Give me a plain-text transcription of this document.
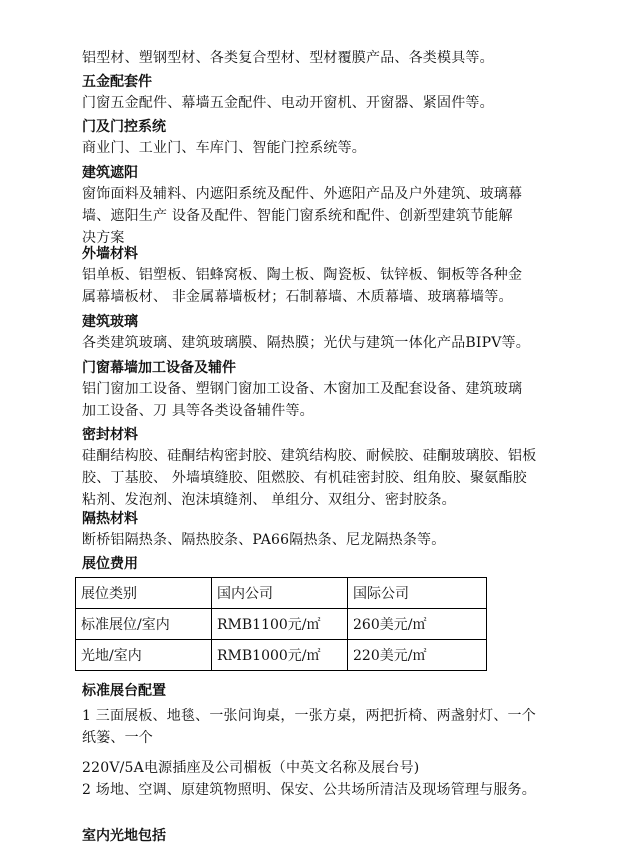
铝型材、塑钢型材、各类复合型材、型材覆膜产品、各类模具等。

五金配套件

门窗五金配件、幕墙五金配件、电动开窗机、开窗器、紧固件等。

门及门控系统

商业门、工业门、车库门、智能门控系统等。

建筑遮阳

窗饰面料及辅料、内遮阳系统及配件、外遮阳产品及户外建筑、玻璃幕

墙、遮阳生产 设备及配件、智能门窗系统和配件、创新型建筑节能解

决方案

外墙材料

铝单板、铝塑板、铝蜂窝板、陶土板、陶瓷板、钛锌板、铜板等各种金

属幕墙板材、 非金属幕墙板材；石制幕墙、木质幕墙、玻璃幕墙等。

建筑玻璃

各类建筑玻璃、建筑玻璃膜、隔热膜；光伏与建筑一体化产品BIPV等。

门窗幕墙加工设备及辅件

铝门窗加工设备、塑钢门窗加工设备、木窗加工及配套设备、建筑玻璃

加工设备、刀 具等各类设备辅件等。

密封材料

硅酮结构胶、硅酮结构密封胶、建筑结构胶、耐候胶、硅酮玻璃胶、铝板

胶、丁基胶、 外墙填缝胶、阻燃胶、有机硅密封胶、组角胶、聚氨酯胶

粘剂、发泡剂、泡沫填缝剂、 单组分、双组分、密封胶条。

隔热材料

断桥铝隔热条、隔热胶条、PA66隔热条、尼龙隔热条等。

展位费用

展位类别	国内公司	国际公司
标准展位/室内	RMB1100元/㎡	260美元/㎡
光地/室内	RMB1000元/㎡	220美元/㎡

标准展台配置

1 三面展板、地毯、一张问询桌，一张方桌，两把折椅、两盏射灯、一个

纸篓、一个

220V/5A电源插座及公司楣板（中英文名称及展台号)

2 场地、空调、原建筑物照明、保安、公共场所清洁及现场管理与服务。

室内光地包括
